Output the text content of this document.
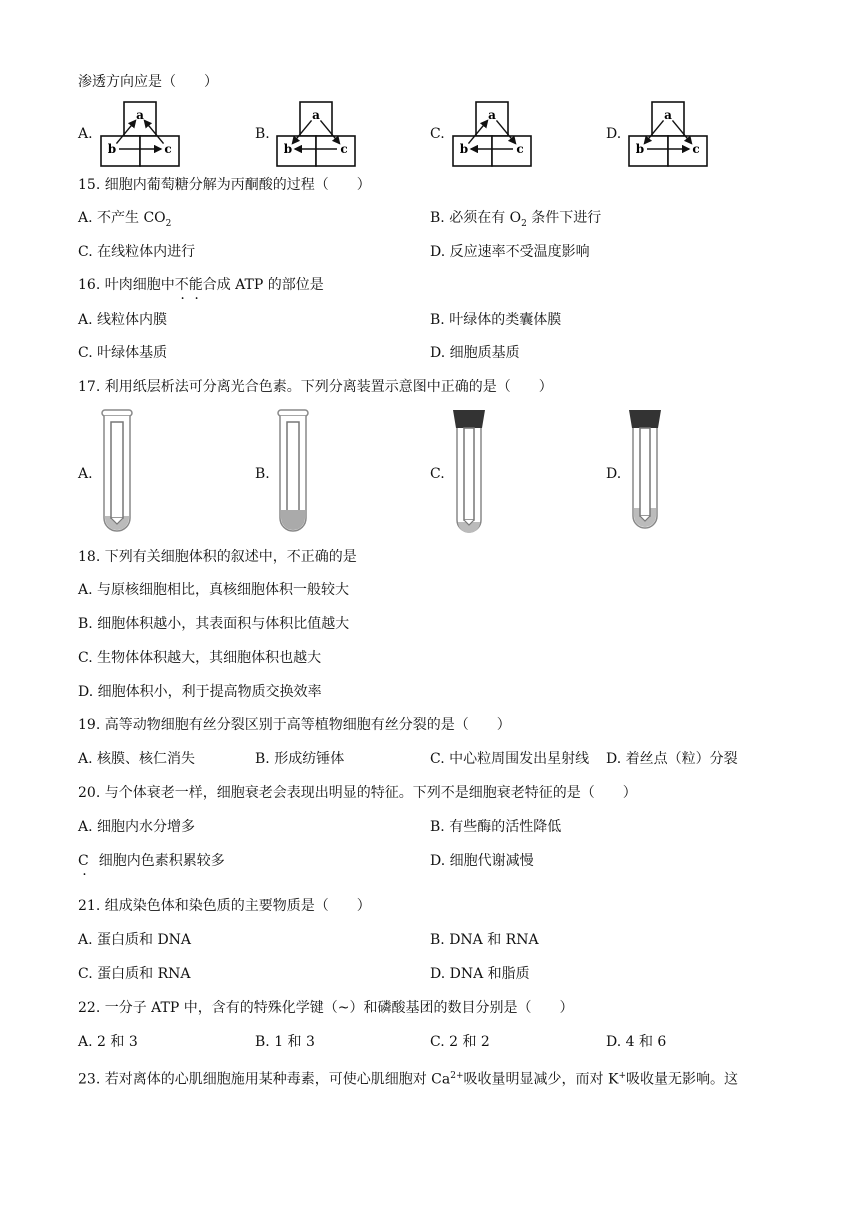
渗透方向应是（　　）
A.	B.	C.	D.
a
b	c
a
b	c
a
b	c
a
b	c
15. 细胞内葡萄糖分解为丙酮酸的过程（　　）
A. 不产生 $CO_2$	B. 必须在有 $O_2$ 条件下进行
C. 在线粒体内进行	D. 反应速率不受温度影响
16. 叶肉细胞中不能合成 ATP 的部位是
A. 线粒体内膜	B. 叶绿体的类囊体膜
C. 叶绿体基质	D. 细胞质基质
17. 利用纸层析法可分离光合色素。下列分离装置示意图中正确的是（　　）
A.	B.	C.	D.
18. 下列有关细胞体积的叙述中，不正确的是
A. 与原核细胞相比，真核细胞体积一般较大
B. 细胞体积越小，其表面积与体积比值越大
C. 生物体体积越大，其细胞体积也越大
D. 细胞体积小，利于提高物质交换效率
19. 高等动物细胞有丝分裂区别于高等植物细胞有丝分裂的是（　　）
A. 核膜、核仁消失	B. 形成纺锤体	C. 中心粒周围发出星射线 D. 着丝点（粒）分裂
20. 与个体衰老一样，细胞衰老会表现出明显的特征。下列不是细胞衰老特征的是（　　）
A. 细胞内水分增多	B. 有些酶的活性降低
C . 细胞内色素积累较多	D. 细胞代谢减慢
21. 组成染色体和染色质的主要物质是（　　）
A. 蛋白质和 DNA	B. DNA 和 RNA
C. 蛋白质和 RNA	D. DNA 和脂质
22. 一分子 ATP 中，含有的特殊化学键（~）和磷酸基团的数目分别是（　　）
A. 2 和 3	B. 1 和 3	C. 2 和 2	D. 4 和 6
23. 若对离体的心肌细胞施用某种毒素，可使心肌细胞对 $Ca^{2+}$吸收量明显减少，而对 K+吸收量无影响。这
